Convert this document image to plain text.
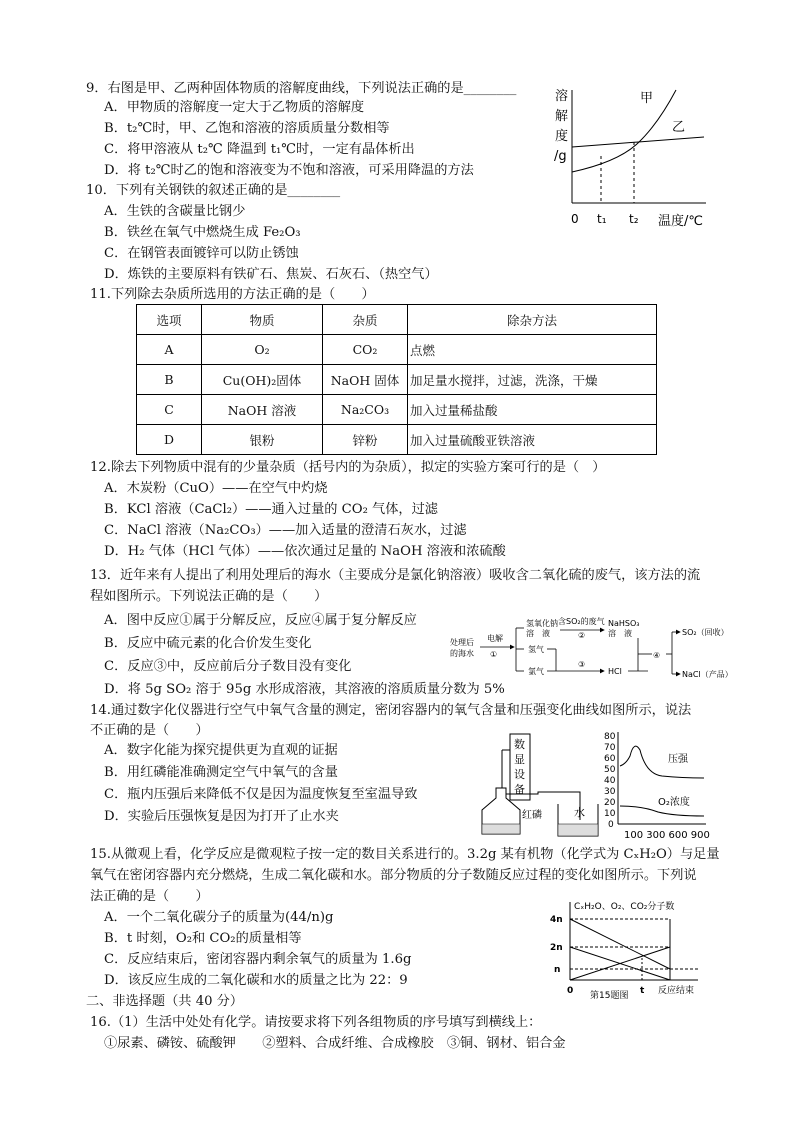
9．右图是甲、乙两种固体物质的溶解度曲线，下列说法正确的是________
A．甲物质的溶解度一定大于乙物质的溶解度
B．t₂℃时，甲、乙饱和溶液的溶质质量分数相等
C．将甲溶液从 t₂℃ 降温到 t₁℃时，一定有晶体析出
D．将 t₂℃时乙的饱和溶液变为不饱和溶液，可采用降温的方法
溶
解
度
/g
甲
乙
0 t₁ t₂ 温度/℃
10．下列有关钢铁的叙述正确的是________
A．生铁的含碳量比钢少
B．铁丝在氧气中燃烧生成 Fe₂O₃
C．在钢管表面镀锌可以防止锈蚀
D．炼铁的主要原料有铁矿石、焦炭、石灰石、（热空气）
11.下列除去杂质所选用的方法正确的是（　　）
选项	物质	杂质	除杂方法
A	O₂	CO₂	点燃
B	Cu(OH)₂固体	NaOH 固体	加足量水搅拌，过滤，洗涤，干燥
C	NaOH 溶液	Na₂CO₃	加入过量稀盐酸
D	银粉	锌粉	加入过量硫酸亚铁溶液
12.除去下列物质中混有的少量杂质（括号内的为杂质），拟定的实验方案可行的是（　）
A．木炭粉（CuO）——在空气中灼烧
B．KCl 溶液（CaCl₂）——通入过量的 CO₂ 气体，过滤
C．NaCl 溶液（Na₂CO₃）——加入适量的澄清石灰水，过滤
D．H₂ 气体（HCl 气体）——依次通过足量的 NaOH 溶液和浓硫酸
13．近年来有人提出了利用处理后的海水（主要成分是氯化钠溶液）吸收含二氧化硫的废气，该方法的流
程如图所示。下列说法正确的是（　　）
A．图中反应①属于分解反应，反应④属于复分解反应
B．反应中硫元素的化合价发生变化
C．反应③中，反应前后分子数目没有变化
D．将 5g SO₂ 溶于 95g 水形成溶液，其溶液的溶质质量分数为 5%
处理后
的海水
电解
①
氢氧化钠
溶　液
含SO₂的废气
②
NaHSO₃
溶　液
氢气
氯气
③
HCl
④
SO₂（回收）
NaCl（产品）
14.通过数字化仪器进行空气中氧气含量的测定，密闭容器内的氧气含量和压强变化曲线如图所示，说法
不正确的是（　　）
A．数字化能为探究提供更为直观的证据
B．用红磷能准确测定空气中氧气的含量
C．瓶内压强后来降低不仅是因为温度恢复至室温导致
D．实验后压强恢复是因为打开了止水夹
数
显
设
备
红磷	水
80
70
60
50
40
30
20
10
0
压强
O₂浓度
100 300 600 900
15.从微观上看，化学反应是微观粒子按一定的数目关系进行的。3.2g 某有机物（化学式为 CₓH₂O）与足量
氧气在密闭容器内充分燃烧，生成二氧化碳和水。部分物质的分子数随反应过程的变化如图所示。下列说
法正确的是（　　）
A．一个二氧化碳分子的质量为(44/n)g
B．t 时刻，O₂和 CO₂的质量相等
C．反应结束后，密闭容器内剩余氧气的质量为 1.6g
D．该反应生成的二氧化碳和水的质量之比为 22：9
CₓH₂O、O₂、CO₂分子数
4n
2n
n
0	t 反应结束
第15题图
二、非选择题（共 40 分）
16.（1）生活中处处有化学。请按要求将下列各组物质的序号填写到横线上：
①尿素、磷铵、硫酸钾　　②塑料、合成纤维、合成橡胶　③铜、钢材、铝合金
